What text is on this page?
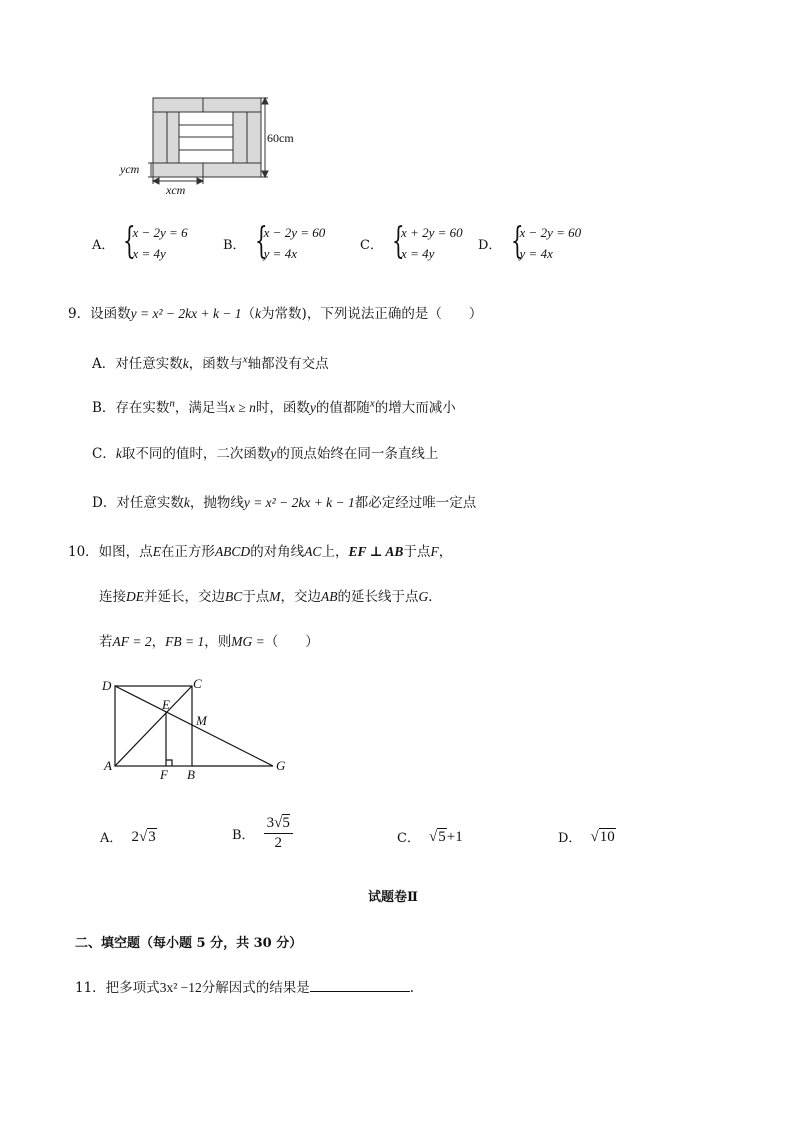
60cm
ycm
xcm
A． {
x − 2y = 6
x = 4y
B． {
x − 2y = 60
y = 4x
C． {
x + 2y = 60
x = 4y
D． {
x − 2y = 60
y = 4x
9．设函数y = x² − 2kx + k − 1（k为常数)，下列说法正确的是（　　）
A．对任意实数k，函数与$^x$轴都没有交点
B．存在实数$^n$，满足当x ≥ n时，函数y的值都随$^x$的增大而减小
C．k取不同的值时，二次函数y的顶点始终在同一条直线上
D．对任意实数k，抛物线y = x² − 2kx + k − 1都必定经过唯一定点
10．如图，点E在正方形ABCD的对角线AC上，EF ⊥ AB于点F，
连接DE并延长，交边BC于点M，交边AB的延长线于点G．
若AF = 2，FB = 1，则MG =（　　）
D	C
E
M
A
F B
G
A． 2√3	B． $\frac{3√5}{2}$	C． √5+1	D． √10
试题卷Ⅱ
二、填空题（每小题 5 分，共 30 分）
11．把多项式3x² −12分解因式的结果是	.
